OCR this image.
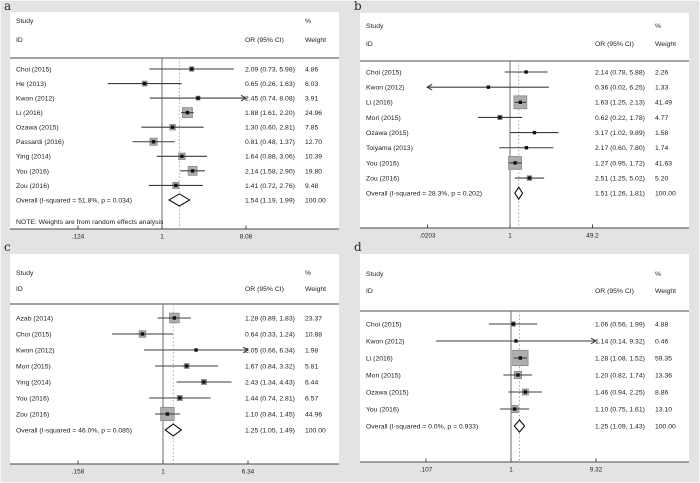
a
Study
ID
%
OR (95% CI)	Weight
Choi (2015)	2.09 (0.73, 5.98) 4.86
He (2013)	0.65 (0.26, 1.63) 6.03
Kwon (2012)	2.45 (0.74, 8.08) 3.91
Li (2016)	1.88 (1.61, 2.20) 24.96
Ozawa (2015)	1.30 (0.60, 2.81) 7.85
Passardi (2016)	0.81 (0.48, 1.37) 12.70
Ying (2014)	1.64 (0.88, 3.06) 10.39
You (2016)	2.14 (1.58, 2.90) 19.80
Zou (2016)	1.41 (0.72, 2.76) 9.48
Overall (I-squared = 51.8%, p = 0.034)	1.54 (1.19, 1.99) 100.00
NOTE: Weights are from random effects analysis
.124	1	8.08
b
Study
ID
%
OR (95% CI)	Weight
Choi (2015)	2.14 (0.78, 5.88) 2.26
Kwon (2012)	0.36 (0.02, 6.25) 1.33
Li (2016)	1.63 (1.25, 2.13) 41.49
Mori (2015)	0.62 (0.22, 1.78) 4.77
Ozawa (2015)	3.17 (1.02, 9.89) 1.58
Toiyama (2013)	2.17 (0.60, 7.80) 1.74
You (2016)	1.27 (0.95, 1.72) 41.63
Zou (2016)	2.51 (1.25, 5.02) 5.20
Overall (I-squared = 28.3%, p = 0.202)	1.51 (1.26, 1.81) 100.00
.0203	1	49.2
c
Study
ID
%
OR (95% CI)	Weight
Azab (2014)	1.28 (0.89, 1.83) 23.37
Choi (2015)	0.64 (0.33, 1.24) 10.88
Kwon (2012)	2.05 (0.66, 6.34) 1.98
Mori (2015)	1.67 (0.84, 3.32) 5.81
Ying (2014)	2.43 (1.34, 4.43) 6.44
You (2016)	1.44 (0.74, 2.81) 6.57
Zou (2016)	1.10 (0.84, 1.45) 44.96
Overall (I-squared = 46.0%, p = 0.085)	1.25 (1.05, 1.49) 100.00
.158	1	6.34
d
Study
ID
%
OR (95% CI)	Weight
Choi (2015)	1.06 (0.56, 1.99) 4.88
Kwon (2012)	1.14 (0.14, 9.32) 0.46
Li (2016)	1.28 (1.08, 1.52) 59.35
Mori (2015)	1.20 (0.82, 1.74) 13.36
Ozawa (2015)	1.46 (0.94, 2.25) 8.86
You (2016)	1.10 (0.75, 1.61) 13.10
Overall (I-squared = 0.0%, p = 0.933)	1.25 (1.09, 1.43) 100.00
.107	1	9.32
